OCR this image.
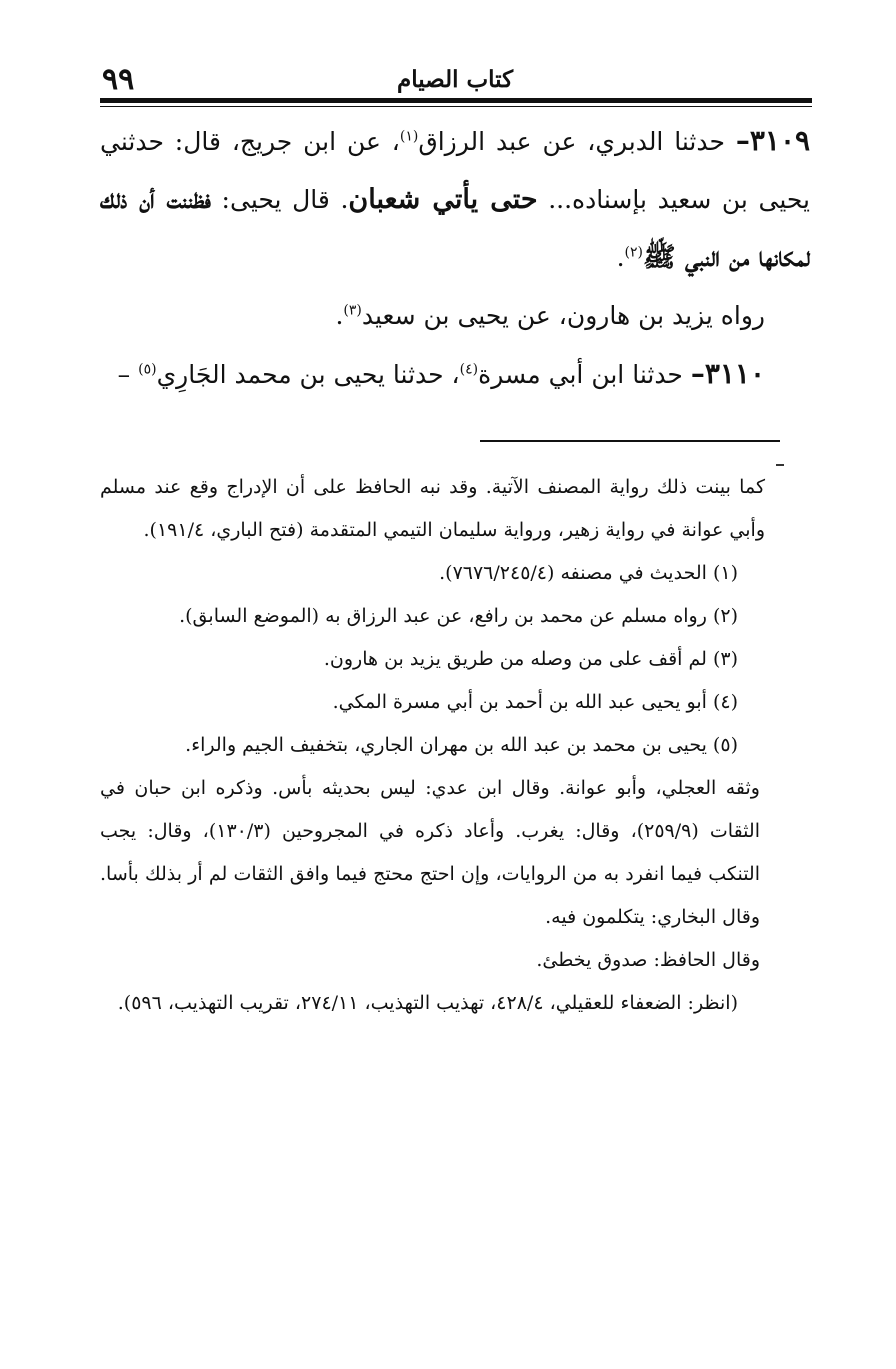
٩٩	كتاب الصيام

٣١٠٩– حدثنا الدبري، عن عبد الرزاق$^{(١)}$، عن ابن جريج، قال: حدثني يحيى بن سعيد بإسناده... حتى يأتي شعبان. قال يحيى: فظننت أن ذلك لمكانها من النبي ﷺ$^{(٢)}$.

رواه يزيد بن هارون، عن يحيى بن سعيد$^{(٣)}$.

٣١١٠– حدثنا ابن أبي مسرة$^{(٤)}$، حدثنا يحيى بن محمد الجَارِي$^{(٥)}$ –

كما بينت ذلك رواية المصنف الآتية. وقد نبه الحافظ على أن الإدراج وقع عند مسلم وأبي عوانة في رواية زهير، ورواية سليمان التيمي المتقدمة (فتح الباري، ١٩١/٤).

(١) الحديث في مصنفه (٧٦٧٦/٢٤٥/٤).

(٢) رواه مسلم عن محمد بن رافع، عن عبد الرزاق به (الموضع السابق).

(٣) لم أقف على من وصله من طريق يزيد بن هارون.

(٤) أبو يحيى عبد الله بن أحمد بن أبي مسرة المكي.

(٥) يحيى بن محمد بن عبد الله بن مهران الجاري، بتخفيف الجيم والراء.

وثقه العجلي، وأبو عوانة. وقال ابن عدي: ليس بحديثه بأس. وذكره ابن حبان في الثقات (٢٥٩/٩)، وقال: يغرب. وأعاد ذكره في المجروحين (١٣٠/٣)، وقال: يجب التنكب فيما انفرد به من الروايات، وإن احتج محتج فيما وافق الثقات لم أر بذلك بأسا. وقال البخاري: يتكلمون فيه.

وقال الحافظ: صدوق يخطئ.

(انظر: الضعفاء للعقيلي، ٤٢٨/٤، تهذيب التهذيب، ٢٧٤/١١، تقريب التهذيب، ٥٩٦).
